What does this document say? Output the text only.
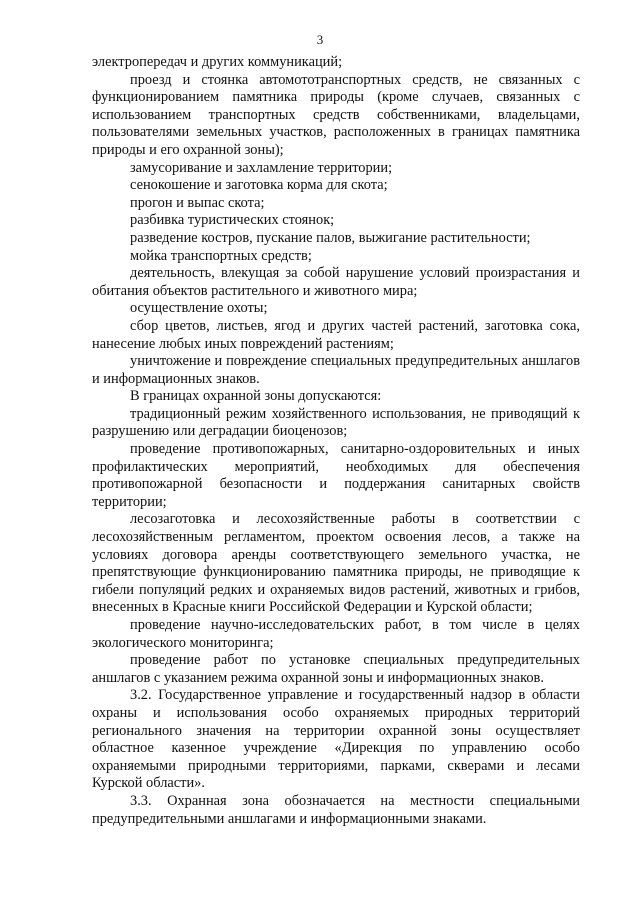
3

электропередач и других коммуникаций;

проезд и стоянка автомототранспортных средств, не связанных с функционированием памятника природы (кроме случаев, связанных с использованием транспортных средств собственниками, владельцами, пользователями земельных участков, расположенных в границах памятника природы и его охранной зоны);

замусоривание и захламление территории;

сенокошение и заготовка корма для скота;

прогон и выпас скота;

разбивка туристических стоянок;

разведение костров, пускание палов, выжигание растительности;

мойка транспортных средств;

деятельность, влекущая за собой нарушение условий произрастания и обитания объектов растительного и животного мира;

осуществление охоты;

сбор цветов, листьев, ягод и других частей растений, заготовка сока, нанесение любых иных повреждений растениям;

уничтожение и повреждение специальных предупредительных аншлагов и информационных знаков.

В границах охранной зоны допускаются:

традиционный режим хозяйственного использования, не приводящий к разрушению или деградации биоценозов;

проведение противопожарных, санитарно-оздоровительных и иных профилактических мероприятий, необходимых для обеспечения противопожарной безопасности и поддержания санитарных свойств территории;

лесозаготовка и лесохозяйственные работы в соответствии с лесохозяйственным регламентом, проектом освоения лесов, а также на условиях договора аренды соответствующего земельного участка, не препятствующие функционированию памятника природы, не приводящие к гибели популяций редких и охраняемых видов растений, животных и грибов, внесенных в Красные книги Российской Федерации и Курской области;

проведение научно-исследовательских работ, в том числе в целях экологического мониторинга;

проведение работ по установке специальных предупредительных аншлагов с указанием режима охранной зоны и информационных знаков.

3.2. Государственное управление и государственный надзор в области охраны и использования особо охраняемых природных территорий регионального значения на территории охранной зоны осуществляет областное казенное учреждение «Дирекция по управлению особо охраняемыми природными территориями, парками, скверами и лесами Курской области».

3.3. Охранная зона обозначается на местности специальными предупредительными аншлагами и информационными знаками.
